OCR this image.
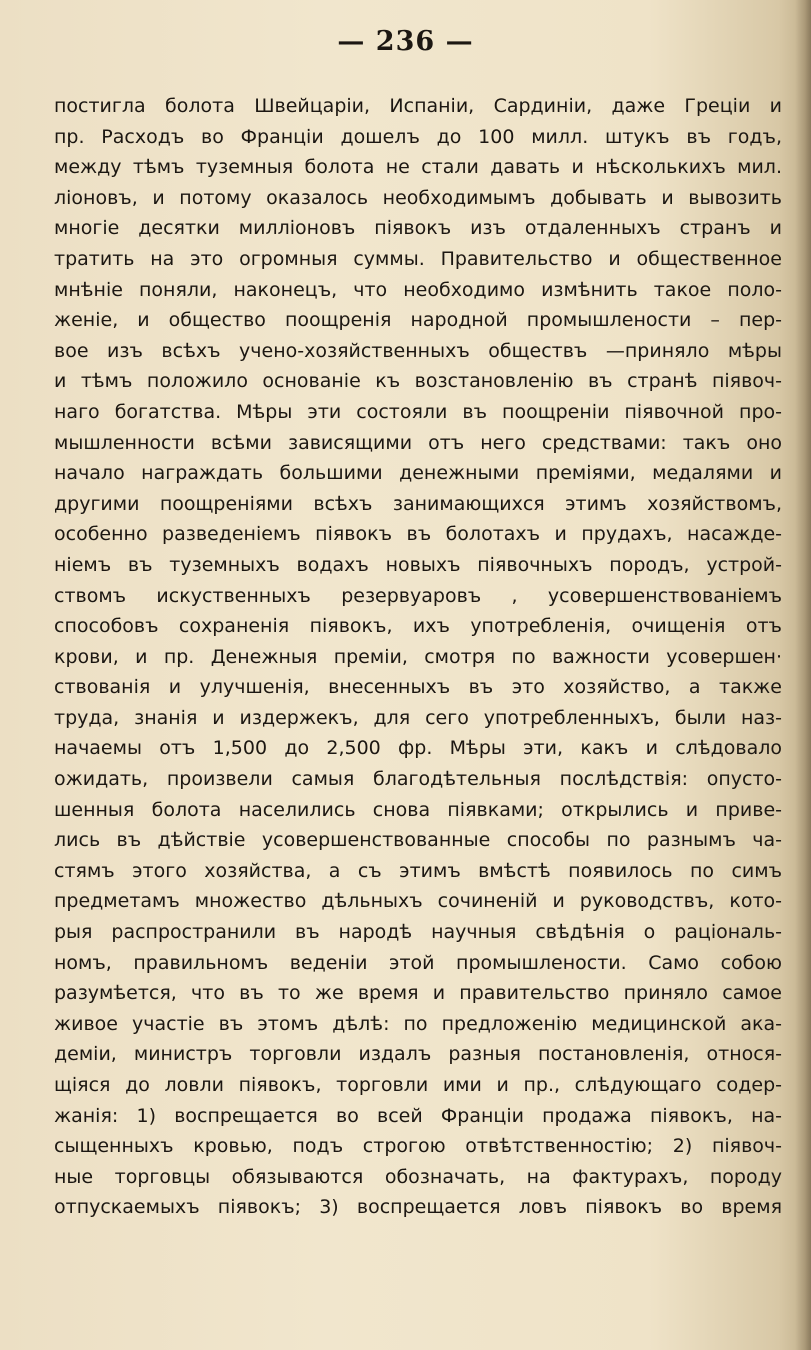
— 236 —
постигла болота Швейцаріи, Испаніи, Сардиніи, даже Греціи и
пр. Расходъ во Франціи дошелъ до 100 милл. штукъ въ годъ,
между тѣмъ туземныя болота не стали давать и нѣсколькихъ мил.
ліоновъ, и потому оказалось необходимымъ добывать и вывозить
многіе десятки милліоновъ піявокъ изъ отдаленныхъ странъ и
тратить на это огромныя суммы. Правительство и общественное
мнѣніе поняли, наконецъ, что необходимо измѣнить такое поло-
женіе, и общество поощренія народной промышлености – пер-
вое изъ всѣхъ учено-хозяйственныхъ обществъ —приняло мѣры
и тѣмъ положило основаніе къ возстановленію въ странѣ піявоч-
наго богатства. Мѣры эти состояли въ поощреніи піявочной про-
мышленности всѣми зависящими отъ него средствами: такъ оно
начало награждать большими денежными преміями, медалями и
другими поощреніями всѣхъ занимающихся этимъ хозяйствомъ,
особенно разведеніемъ піявокъ въ болотахъ и прудахъ, насажде-
ніемъ въ туземныхъ водахъ новыхъ піявочныхъ породъ, устрой-
ствомъ искуственныхъ резервуаровъ , усовершенствованіемъ
способовъ сохраненія піявокъ, ихъ употребленія, очищенія отъ
крови, и пр. Денежныя преміи, смотря по важности усовершен·
ствованія и улучшенія, внесенныхъ въ это хозяйство, а также
труда, знанія и издержекъ, для сего употребленныхъ, были наз-
начаемы отъ 1,500 до 2,500 фр. Мѣры эти, какъ и слѣдовало
ожидать, произвели самыя благодѣтельныя послѣдствія: опусто-
шенныя болота населились снова піявками; открылись и приве-
лись въ дѣйствіе усовершенствованные способы по разнымъ ча-
стямъ этого хозяйства, а съ этимъ вмѣстѣ появилось по симъ
предметамъ множество дѣльныхъ сочиненій и руководствъ, кото-
рыя распространили въ народѣ научныя свѣдѣнія о раціональ-
номъ, правильномъ веденіи этой промышлености. Само собою
разумѣется, что въ то же время и правительство приняло самое
живое участіе въ этомъ дѣлѣ: по предложенію медицинской ака-
деміи, министръ торговли издалъ разныя постановленія, относя-
щіяся до ловли піявокъ, торговли ими и пр., слѣдующаго содер-
жанія: 1) воспрещается во всей Франціи продажа піявокъ, на-
сыщенныхъ кровью, подъ строгою отвѣтственностію; 2) піявоч-
ные торговцы обязываются обозначать, на фактурахъ, породу
отпускаемыхъ піявокъ; 3) воспрещается ловъ піявокъ во время
